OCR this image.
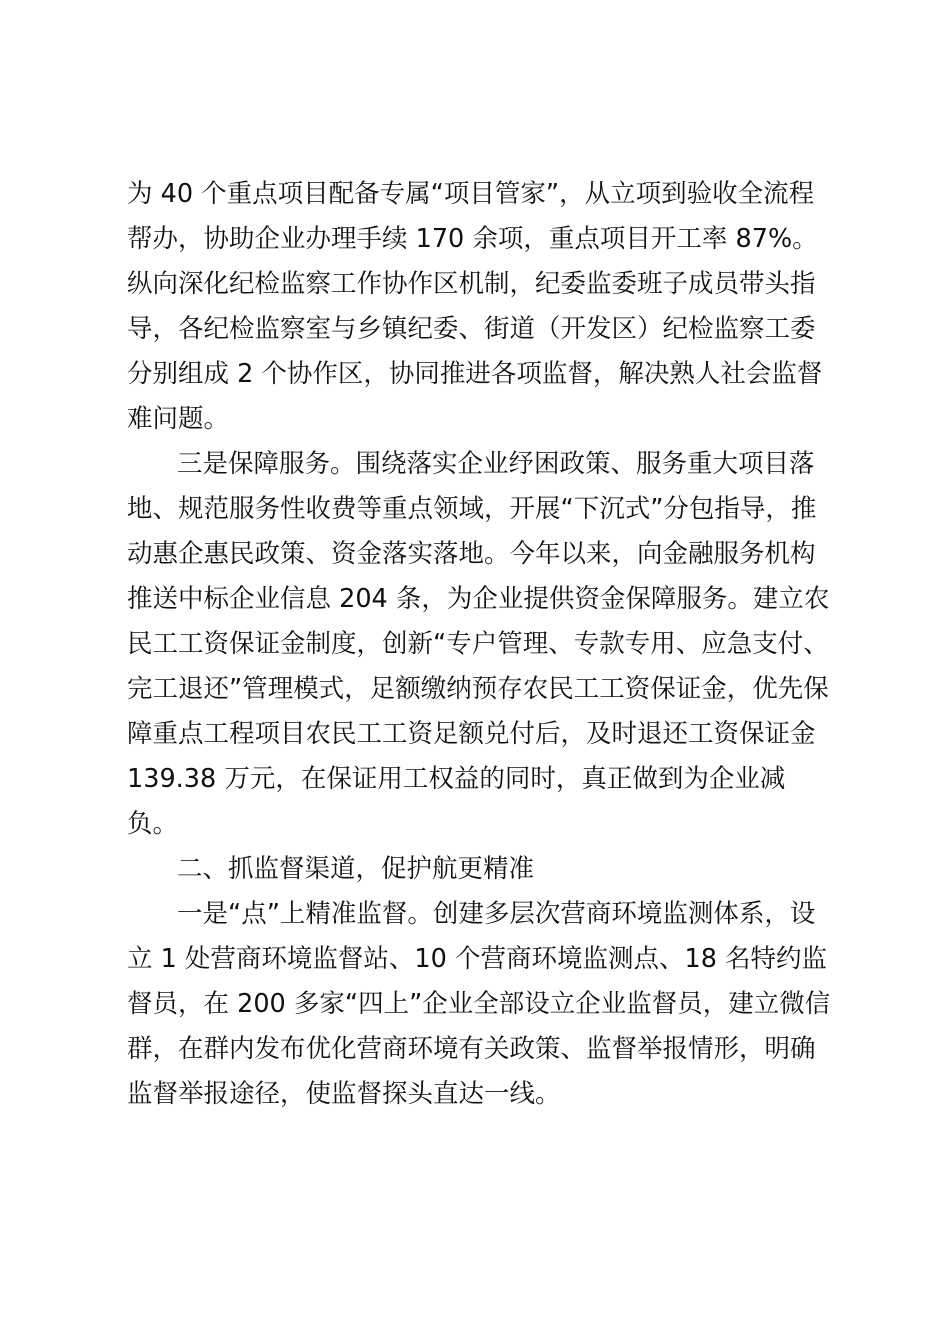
为 40 个重点项目配备专属“项目管家”，从立项到验收全流程
帮办，协助企业办理手续 170 余项，重点项目开工率 87%。
纵向深化纪检监察工作协作区机制，纪委监委班子成员带头指
导，各纪检监察室与乡镇纪委、街道（开发区）纪检监察工委
分别组成 2 个协作区，协同推进各项监督，解决熟人社会监督
难问题。
三是保障服务。围绕落实企业纾困政策、服务重大项目落
地、规范服务性收费等重点领域，开展“下沉式”分包指导，推
动惠企惠民政策、资金落实落地。今年以来，向金融服务机构
推送中标企业信息 204 条，为企业提供资金保障服务。建立农
民工工资保证金制度，创新“专户管理、专款专用、应急支付、
完工退还”管理模式，足额缴纳预存农民工工资保证金，优先保
障重点工程项目农民工工资足额兑付后，及时退还工资保证金
139.38 万元，在保证用工权益的同时，真正做到为企业减
负。
二、抓监督渠道，促护航更精准
一是“点”上精准监督。创建多层次营商环境监测体系，设
立 1 处营商环境监督站、10 个营商环境监测点、18 名特约监
督员，在 200 多家“四上”企业全部设立企业监督员，建立微信
群，在群内发布优化营商环境有关政策、监督举报情形，明确
监督举报途径，使监督探头直达一线。
